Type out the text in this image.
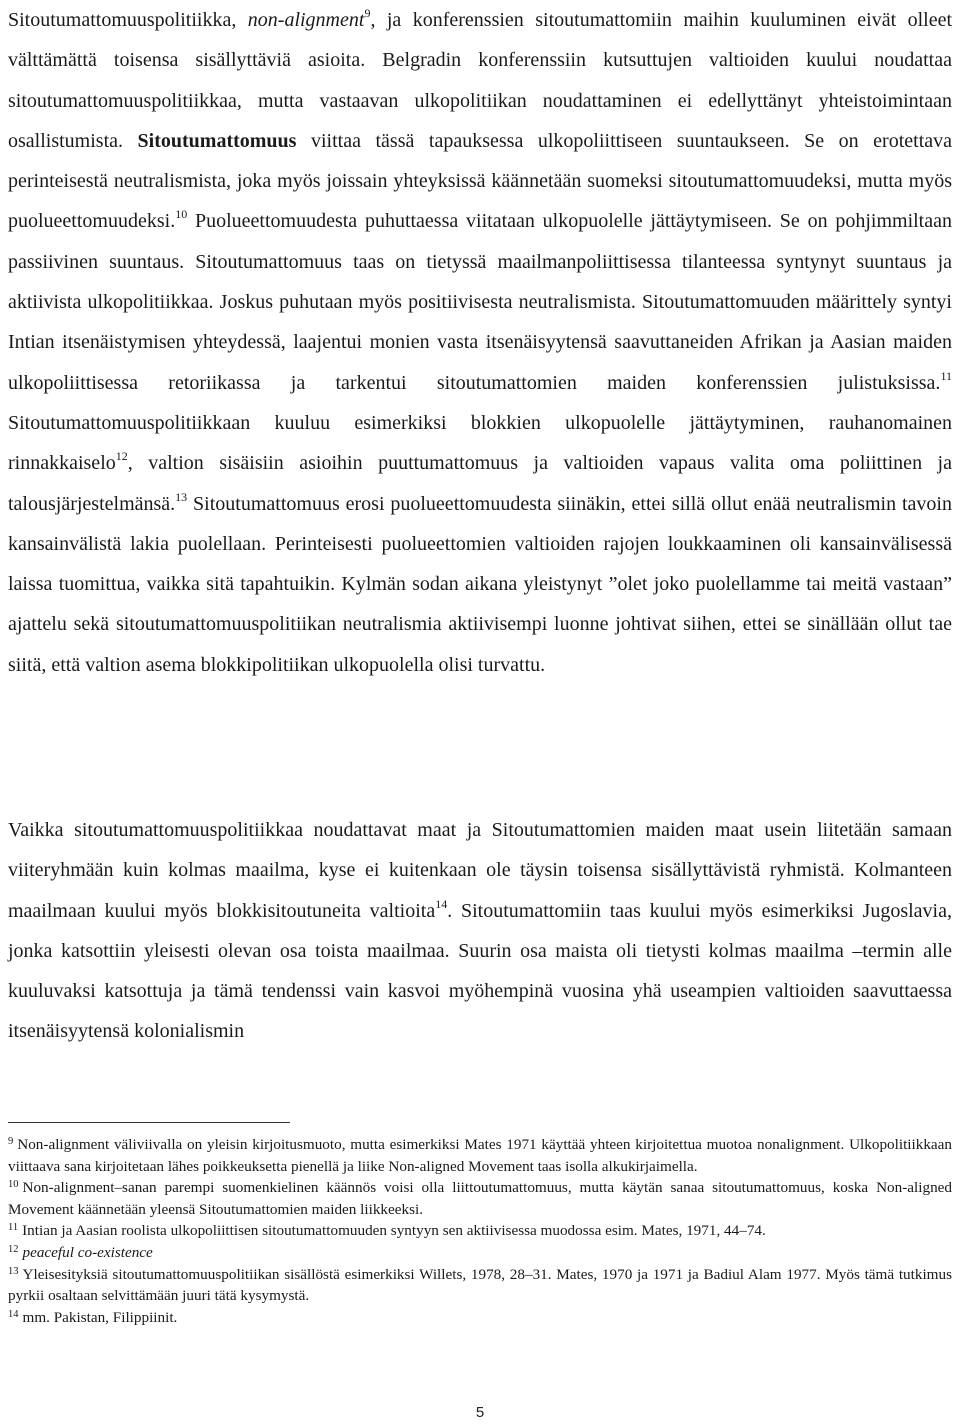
Sitoutumattomuuspolitiikka, non-alignment$^9$, ja konferenssien sitoutumattomiin maihin kuuluminen eivät olleet välttämättä toisensa sisällyttäviä asioita. Belgradin konferenssiin kutsuttujen valtioiden kuului noudattaa sitoutumattomuuspolitiikkaa, mutta vastaavan ulkopolitiikan noudattaminen ei edellyttänyt yhteistoimintaan osallistumista. Sitoutumattomuus viittaa tässä tapauksessa ulkopoliittiseen suuntaukseen. Se on erotettava perinteisestä neutralismista, joka myös joissain yhteyksissä käännetään suomeksi sitoutumattomuudeksi, mutta myös puolueettomuudeksi.$^{10}$ Puolueettomuudesta puhuttaessa viitataan ulkopuolelle jättäytymiseen. Se on pohjimmiltaan passiivinen suuntaus. Sitoutumattomuus taas on tietyssä maailmanpoliittisessa tilanteessa syntynyt suuntaus ja aktiivista ulkopolitiikkaa. Joskus puhutaan myös positiivisesta neutralismista. Sitoutumattomuuden määrittely syntyi Intian itsenäistymisen yhteydessä, laajentui monien vasta itsenäisyytensä saavuttaneiden Afrikan ja Aasian maiden ulkopoliittisessa retoriikassa ja tarkentui sitoutumattomien maiden konferenssien julistuksissa.$^{11}$ Sitoutumattomuuspolitiikkaan kuuluu esimerkiksi blokkien ulkopuolelle jättäytyminen, rauhanomainen rinnakkaiselo$^{12}$, valtion sisäisiin asioihin puuttumattomuus ja valtioiden vapaus valita oma poliittinen ja talousjärjestelmänsä.$^{13}$ Sitoutumattomuus erosi puolueettomuudesta siinäkin, ettei sillä ollut enää neutralismin tavoin kansainvälistä lakia puolellaan. Perinteisesti puolueettomien valtioiden rajojen loukkaaminen oli kansainvälisessä laissa tuomittua, vaikka sitä tapahtuikin. Kylmän sodan aikana yleistynyt ”olet joko puolellamme tai meitä vastaan” ajattelu sekä sitoutumattomuuspolitiikan neutralismia aktiivisempi luonne johtivat siihen, ettei se sinällään ollut tae siitä, että valtion asema blokkipolitiikan ulkopuolella olisi turvattu.

Vaikka sitoutumattomuuspolitiikkaa noudattavat maat ja Sitoutumattomien maiden maat usein liitetään samaan viiteryhmään kuin kolmas maailma, kyse ei kuitenkaan ole täysin toisensa sisällyttävistä ryhmistä. Kolmanteen maailmaan kuului myös blokkisitoutuneita valtioita$^{14}$. Sitoutumattomiin taas kuului myös esimerkiksi Jugoslavia, jonka katsottiin yleisesti olevan osa toista maailmaa. Suurin osa maista oli tietysti kolmas maailma –termin alle kuuluvaksi katsottuja ja tämä tendenssi vain kasvoi myöhempinä vuosina yhä useampien valtioiden saavuttaessa itsenäisyytensä kolonialismin

$^9$ Non-alignment väliviivalla on yleisin kirjoitusmuoto, mutta esimerkiksi Mates 1971 käyttää yhteen kirjoitettua muotoa nonalignment. Ulkopolitiikkaan viittaava sana kirjoitetaan lähes poikkeuksetta pienellä ja liike Non-aligned Movement taas isolla alkukirjaimella.

$^{10}$ Non-alignment–sanan parempi suomenkielinen käännös voisi olla liittoutumattomuus, mutta käytän sanaa sitoutumattomuus, koska Non-aligned Movement käännetään yleensä Sitoutumattomien maiden liikkeeksi.

$^{11}$ Intian ja Aasian roolista ulkopoliittisen sitoutumattomuuden syntyyn sen aktiivisessa muodossa esim. Mates, 1971, 44–74.

$^{12}$ peaceful co-existence

$^{13}$ Yleisesityksiä sitoutumattomuuspolitiikan sisällöstä esimerkiksi Willets, 1978, 28–31. Mates, 1970 ja 1971 ja Badiul Alam 1977. Myös tämä tutkimus pyrkii osaltaan selvittämään juuri tätä kysymystä.

$^{14}$ mm. Pakistan, Filippiinit.

5
